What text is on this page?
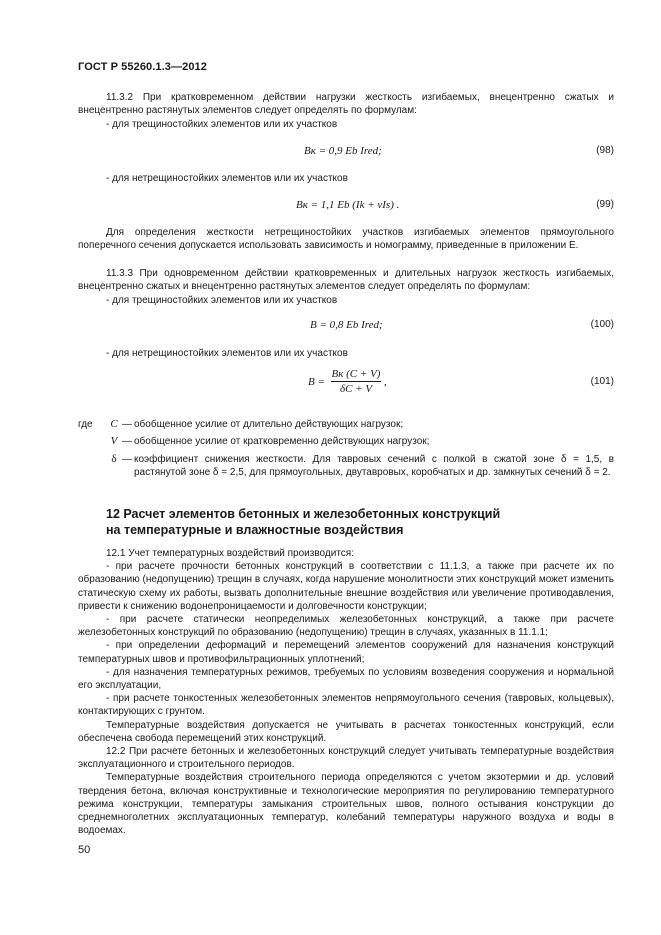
ГОСТ Р 55260.1.3—2012

11.3.2 При кратковременном действии нагрузки жесткость изгибаемых, внецентренно сжатых и внецентренно растянутых элементов следует определять по формулам:

- для трещиностойких элементов или их участков

Bк = 0,9 Eb Ired;	(98)

- для нетрещиностойких элементов или их участков

Bк = 1,1 Eb (Ik + νIs) .	(99)

Для определения жесткости нетрещиностойких участков изгибаемых элементов прямоугольного поперечного сечения допускается использовать зависимость и номограмму, приведенные в приложении Е.

11.3.3 При одновременном действии кратковременных и длительных нагрузок жесткость изгибаемых, внецентренно сжатых и внецентренно растянутых элементов следует определять по формулам:

- для трещиностойких элементов или их участков

B = 0,8 Eb Ired;	(100)

- для нетрещиностойких элементов или их участков

B =
Bк (C + V)
δC + V
,	(101)
где	C — обобщенное усилие от длительно действующих нагрузок;
V — обобщенное усилие от кратковременно действующих нагрузок;
δ — коэффициент снижения жесткости. Для тавровых сечений с полкой в сжатой зоне δ = 1,5, в растянутой зоне δ = 2,5, для прямоугольных, двутавровых, коробчатых и др. замкнутых сечений δ = 2.
12 Расчет элементов бетонных и железобетонных конструкций
на температурные и влажностные воздействия

12.1 Учет температурных воздействий производится:

- при расчете прочности бетонных конструкций в соответствии с 11.1.3, а также при расчете их по образованию (недопущению) трещин в случаях, когда нарушение монолитности этих конструкций может изменить статическую схему их работы, вызвать дополнительные внешние воздействия или увеличение противодавления, привести к снижению водонепроницаемости и долговечности конструкции;

- при расчете статически неопределимых железобетонных конструкций, а также при расчете железобетонных конструкций по образованию (недопущению) трещин в случаях, указанных в 11.1.1;

- при определении деформаций и перемещений элементов сооружений для назначения конструкций температурных швов и противофильтрационных уплотнений;

- для назначения температурных режимов, требуемых по условиям возведения сооружения и нормальной его эксплуатации,

- при расчете тонкостенных железобетонных элементов непрямоугольного сечения (тавровых, кольцевых), контактирующих с грунтом.

Температурные воздействия допускается не учитывать в расчетах тонкостенных конструкций, если обеспечена свобода перемещений этих конструкций.

12.2 При расчете бетонных и железобетонных конструкций следует учитывать температурные воздействия эксплуатационного и строительного периодов.

Температурные воздействия строительного периода определяются с учетом экзотермии и др. условий твердения бетона, включая конструктивные и технологические мероприятия по регулированию температурного режима конструкции, температуры замыкания строительных швов, полного остывания конструкции до среднемноголетних эксплуатационных температур, колебаний температуры наружного воздуха и воды в водоемах.

50
